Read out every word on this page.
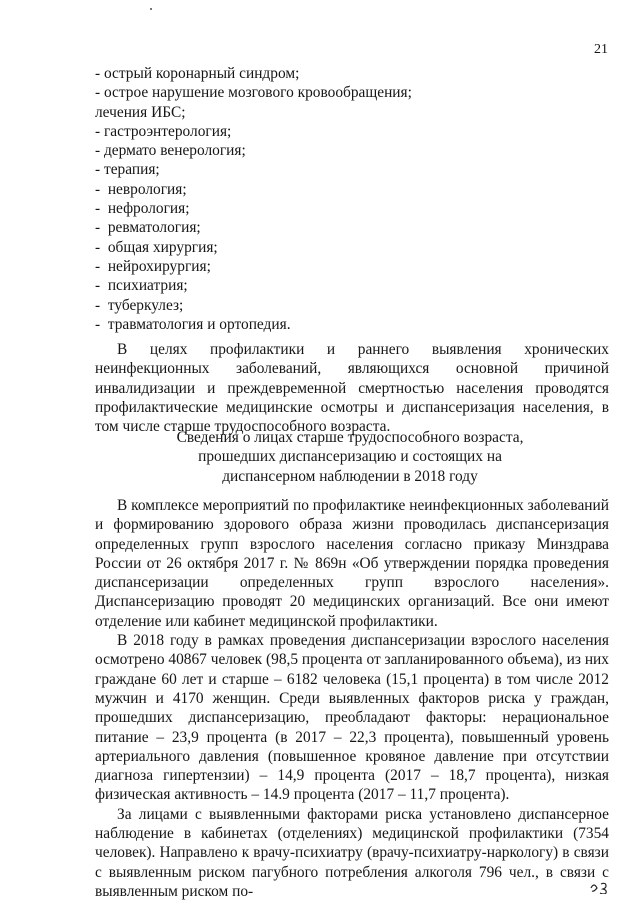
21
- острый коронарный синдром;
- острое нарушение мозгового кровообращения;
лечения ИБС;
- гастроэнтерология;
- дермато венерология;
- терапия;
-  неврология;
-  нефрология;
-  ревматология;
-  общая хирургия;
-  нейрохирургия;
-  психиатрия;
-  туберкулез;
-  травматология и ортопедия.

В целях профилактики и раннего выявления хронических неинфекционных заболеваний, являющихся основной причиной инвалидизации и преждевременной смертностью населения проводятся профилактические медицинские осмотры и диспансеризация населения, в том числе старше трудоспособного возраста.

Сведения о лицах старше трудоспособного возраста,
прошедших диспансеризацию и состоящих на
диспансерном наблюдении в 2018 году

В комплексе мероприятий по профилактике неинфекционных заболеваний и формированию здорового образа жизни проводилась диспансеризация определенных групп взрослого населения согласно приказу Минздрава России от 26 октября 2017 г. № 869н «Об утверждении порядка проведения диспансеризации определенных групп взрослого населения». Диспансеризацию проводят 20 медицинских организаций. Все они имеют отделение или кабинет медицинской профилактики.

В 2018 году в рамках проведения диспансеризации взрослого населения осмотрено 40867 человек (98,5 процента от запланированного объема), из них граждане 60 лет и старше – 6182 человека (15,1 процента) в том числе 2012 мужчин и 4170 женщин. Среди выявленных факторов риска у граждан, прошедших диспансеризацию, преобладают факторы: нерациональное питание – 23,9 процента (в 2017 – 22,3 процента), повышенный уровень артериального давления (повышенное кровяное давление при отсутствии диагноза гипертензии) – 14,9 процента (2017 – 18,7 процента), низкая физическая активность – 14.9 процента (2017 – 11,7 процента).

За лицами с выявленными факторами риска установлено диспансерное наблюдение в кабинетах (отделениях) медицинской профилактики (7354 человек). Направлено к врачу-психиатру (врачу-психиатру-наркологу) в связи с выявленным риском пагубного потребления алкоголя 796 чел., в связи с выявленным риском по-
